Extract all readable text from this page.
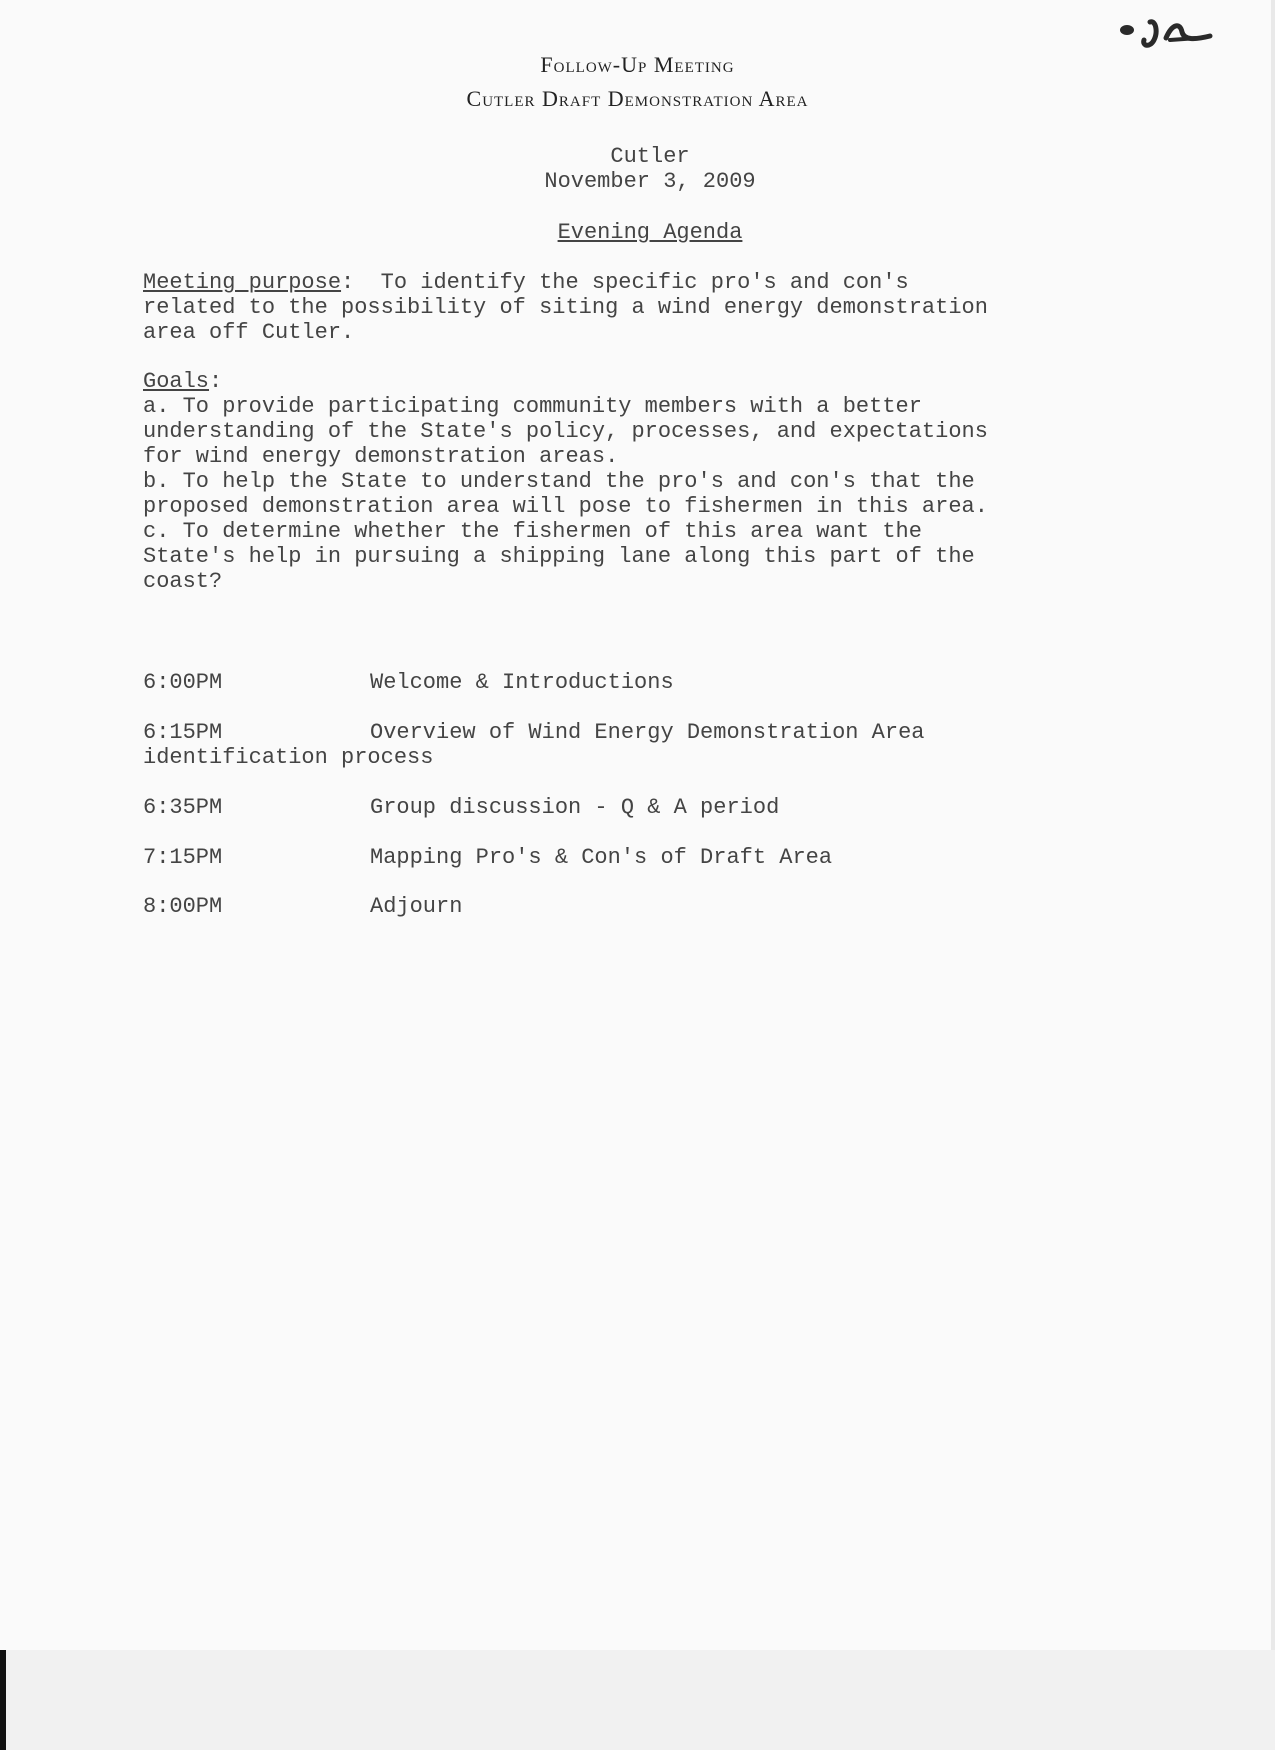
Follow-Up Meeting
Cutler Draft Demonstration Area
Cutler
November 3, 2009
Evening Agenda
Meeting purpose:  To identify the specific pro's and con's
related to the possibility of siting a wind energy demonstration
area off Cutler.
Goals:
a. To provide participating community members with a better
understanding of the State's policy, processes, and expectations
for wind energy demonstration areas.
b. To help the State to understand the pro's and con's that the
proposed demonstration area will pose to fishermen in this area.
c. To determine whether the fishermen of this area want the
State's help in pursuing a shipping lane along this part of the
coast?
6:00PM	Welcome & Introductions
6:15PM	Overview of Wind Energy Demonstration Area
identification process
6:35PM	Group discussion - Q & A period
7:15PM	Mapping Pro's & Con's of Draft Area
8:00PM	Adjourn
